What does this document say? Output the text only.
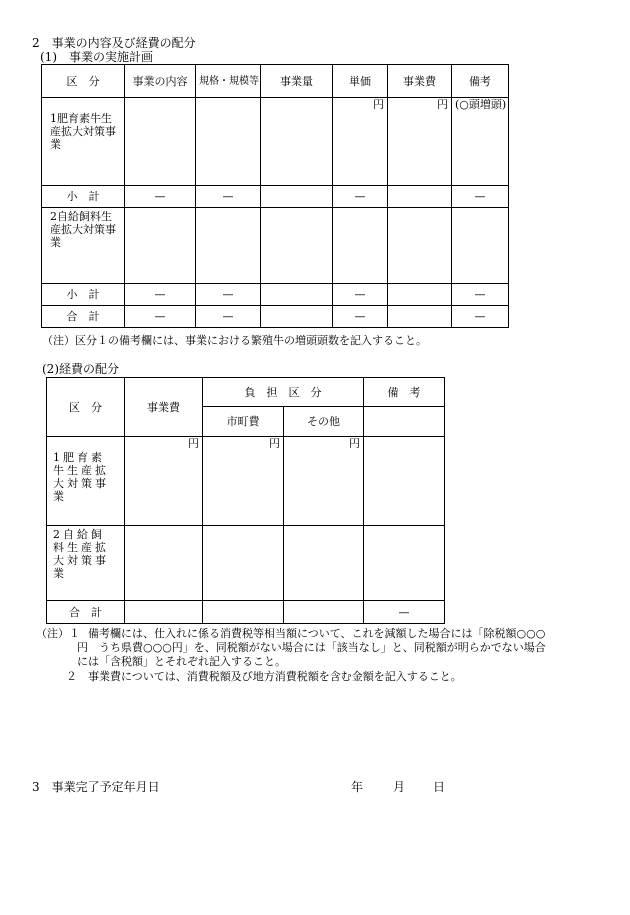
2　事業の内容及び経費の配分
(1)　事業の実施計画
区　分	事業の内容	規格・規模等	事業量	単価	事業費	備考
1肥育素牛生産拡大対策事業				円	円	(○頭増頭)
小　計	—	—		—		—
2自給飼料生産拡大対策事業						
小　計	—	—		—		—
合　計	—	—		—		—
（注）区分１の備考欄には、事業における繁殖牛の増頭頭数を記入すること。
(2)経費の配分
区　分	事業費	負　担　区　分		備　考
		市町費	その他	
1肥育素牛生産拡大対策事業	円	円	円	
2自給飼料生産拡大対策事業				
合　計				—
（注）１ 備考欄には、仕入れに係る消費税等相当額について、これを減額した場合には「除税額○○○
円　うち県費○○○円」を、同税額がない場合には「該当なし」と、同税額が明らかでない場合
には「含税額」とそれぞれ記入すること。
２ 事業費については、消費税額及び地方消費税額を含む金額を記入すること。
3　事業完了予定年月日	年 月 日
